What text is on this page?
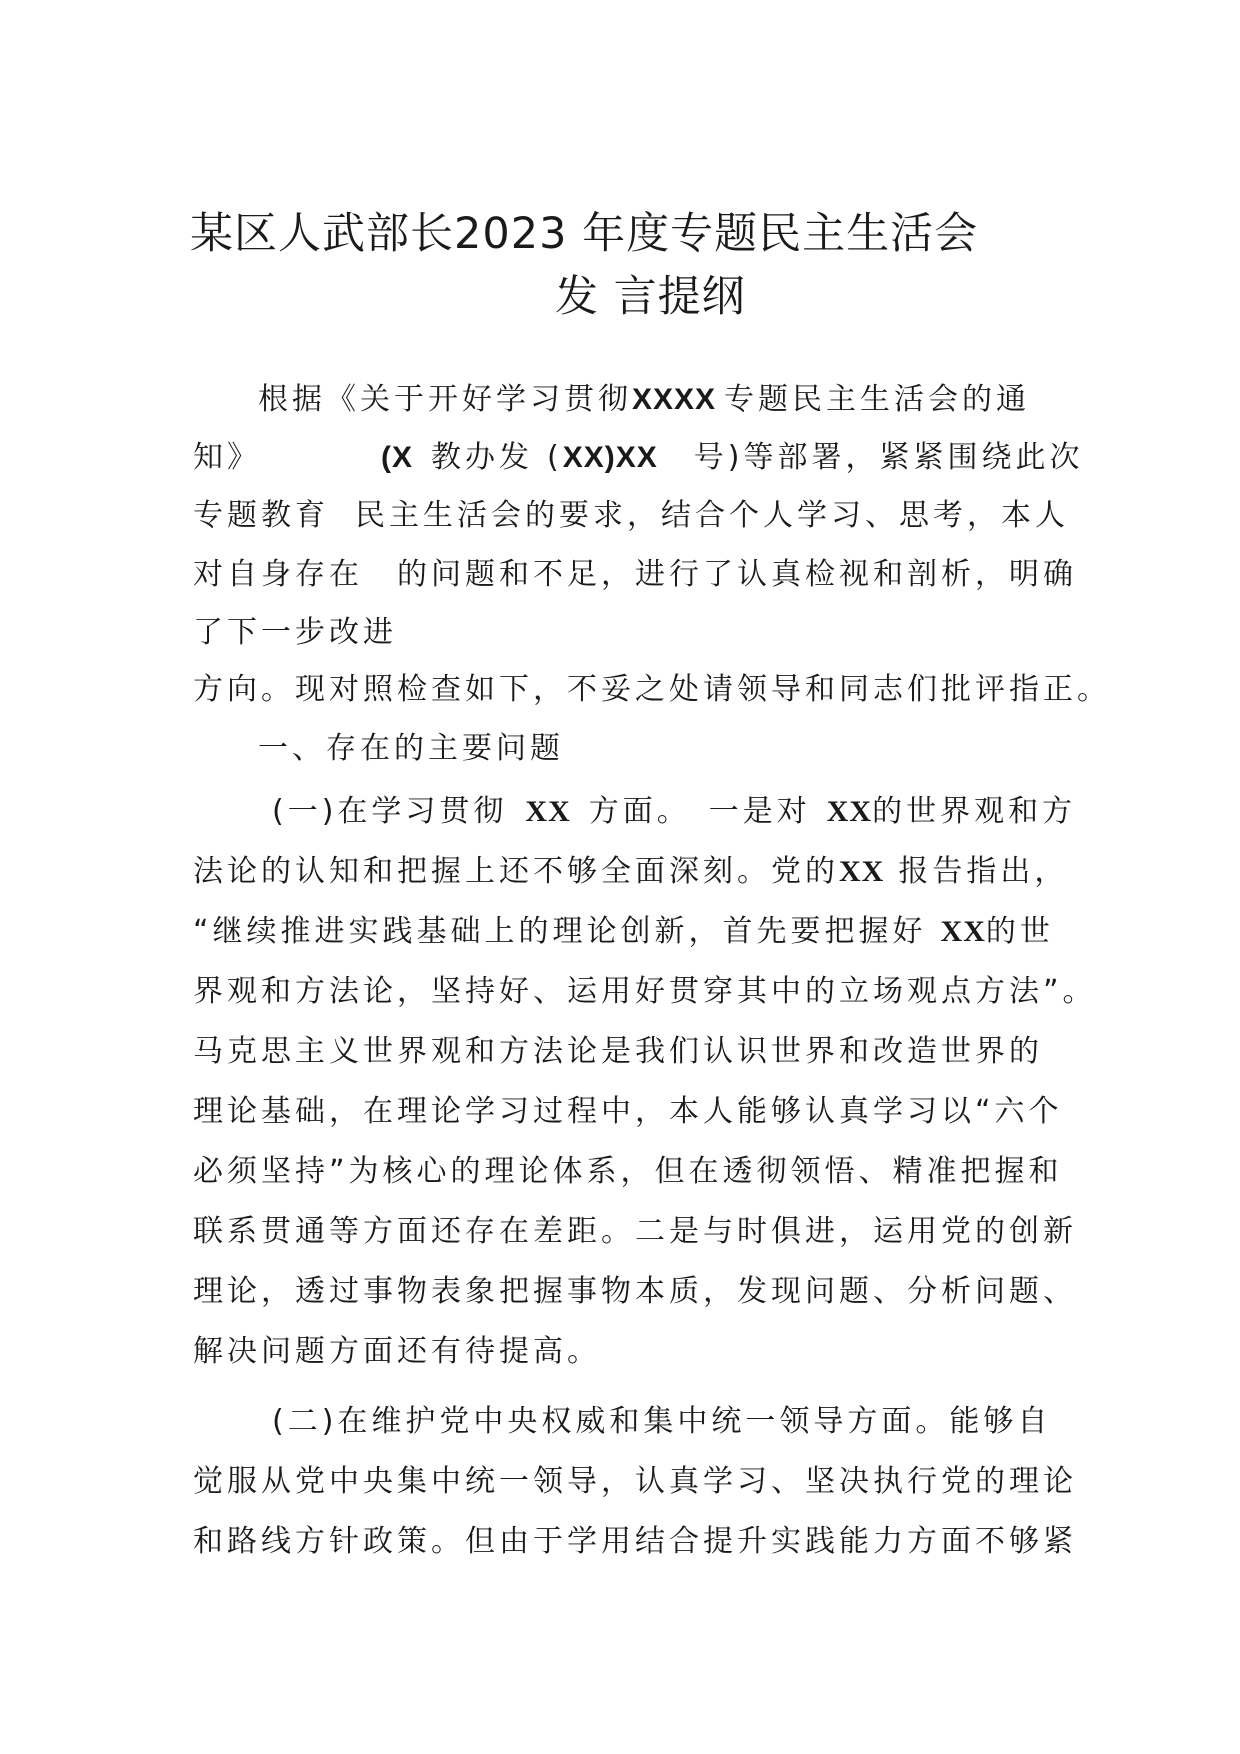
某区人武部长2023 年度专题民主生活会
发 言提纲
根据《关于开好学习贯彻XXXX 专题民主生活会的通
知》	(X 教办发 (XX)XX 号)等部署，紧紧围绕此次
专题教育 民主生活会的要求，结合个人学习、思考，本人
对自身存在 的问题和不足，进行了认真检视和剖析，明确
了下一步改进
方向。现对照检查如下，不妥之处请领导和同志们批评指正。
一、存在的主要问题
(一)在学习贯彻 XX 方面。 一是对 XX的世界观和方
法论的认知和把握上还不够全面深刻。党的XX 报告指出，
“继续推进实践基础上的理论创新，首先要把握好 XX的世
界观和方法论，坚持好、运用好贯穿其中的立场观点方法”。
马克思主义世界观和方法论是我们认识世界和改造世界的
理论基础，在理论学习过程中，本人能够认真学习以“六个
必须坚持”为核心的理论体系，但在透彻领悟、精准把握和
联系贯通等方面还存在差距。二是与时俱进，运用党的创新
理论，透过事物表象把握事物本质，发现问题、分析问题、
解决问题方面还有待提高。
(二)在维护党中央权威和集中统一领导方面。能够自
觉服从党中央集中统一领导，认真学习、坚决执行党的理论
和路线方针政策。但由于学用结合提升实践能力方面不够紧
